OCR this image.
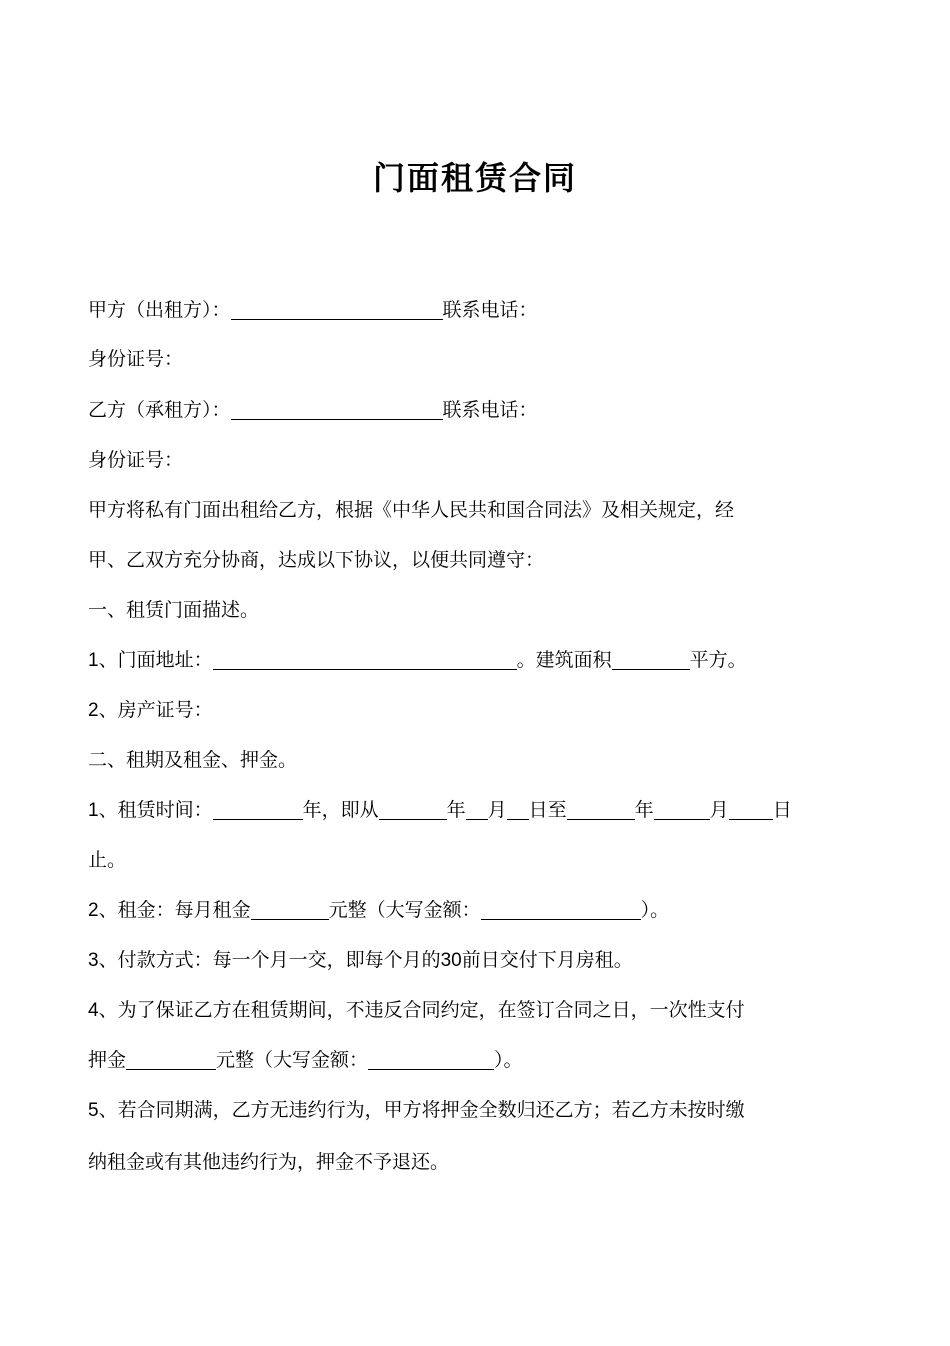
门面租赁合同
甲方（出租方）：	联系电话：
身份证号：
乙方（承租方）：	联系电话：
身份证号：
甲方将私有门面出租给乙方，根据《中华人民共和国合同法》及相关规定，经
甲、乙双方充分协商，达成以下协议，以便共同遵守：
一、租赁门面描述。
1、门面地址：	。建筑面积	平方。
2、房产证号：
二、租期及租金、押金。
1、租赁时间：	年，即从	年 月 日至	年	月 日
止。
2、租金：每月租金	元整（大写金额：	）。
3、付款方式：每一个月一交，即每个月的30前日交付下月房租。
4、为了保证乙方在租赁期间，不违反合同约定，在签订合同之日，一次性支付
押金	元整（大写金额：	）。
5、若合同期满，乙方无违约行为，甲方将押金全数归还乙方；若乙方未按时缴
纳租金或有其他违约行为，押金不予退还。
